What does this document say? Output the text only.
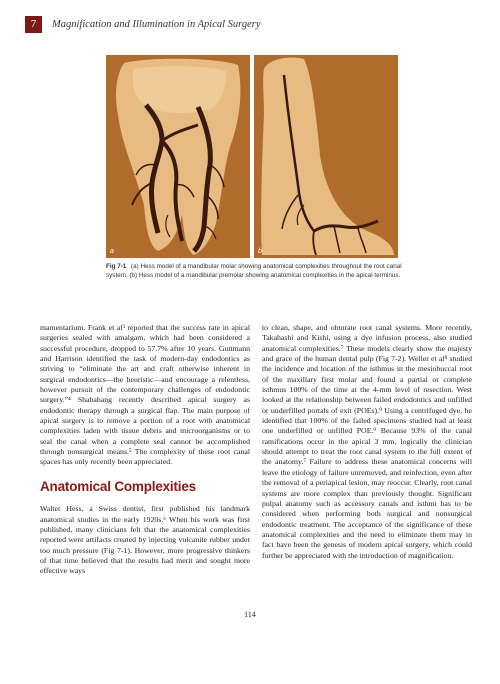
7	Magnification and Illumination in Apical Surgery
a	b
Fig 7-1 (a) Hess model of a mandibular molar showing anatomical complexities throughout the root canal system. (b) Hess model of a mandibular premolar showing anatomical complexities in the apical terminus.

mamentarium. Frank et al³ reported that the success rate in apical surgeries sealed with amalgam, which had been considered a successful procedure, dropped to 57.7% after 10 years. Guttmann and Harrison identified the task of modern-day endodontics as striving to “eliminate the art and craft otherwise inherent in surgical endodontics—the heuristic—and encourage a relentless, however pursuit of the contemporary challenges of endodontic surgery.”⁴ Shabahang recently described apical surgery as endodontic therapy through a surgical flap. The main purpose of apical surgery is to remove a portion of a root with anatomical complexities laden with tissue debris and microorganisms or to seal the canal when a complete seal cannot be accomplished through nonsurgical means.⁵ The complexity of these root canal spaces has only recently been appreciated.

Anatomical Complexities

Walter Hess, a Swiss dentist, first published his landmark anatomical studies in the early 1920s.⁶ When his work was first published, many clinicians felt that the anatomical complexities reported were artifacts created by injecting vulcanite rubber under too much pressure (Fig 7-1). However, more progressive thinkers of that time believed that the results had merit and sought more effective ways

to clean, shape, and obturate root canal systems. More recently, Takahashi and Kishi, using a dye infusion process, also studied anatomical complexities.⁷ These models clearly show the majesty and grace of the human dental pulp (Fig 7-2). Weller et al⁸ studied the incidence and location of the isthmus in the mesiobuccal root of the maxillary first molar and found a partial or complete isthmus 100% of the time at the 4-mm level of resection. West looked at the relationship between failed endodontics and unfilled or underfilled portals of exit (POEs).⁹ Using a centrifuged dye, he identified that 100% of the failed specimens studied had at least one underfilled or unfilled POE.⁹ Because 93% of the canal ramifications occur in the apical 3 mm, logically the clinician should attempt to treat the root canal system to the full extent of the anatomy.⁷ Failure to address these anatomical concerns will leave the etiology of failure unremoved, and reinfection, even after the removal of a periapical lesion, may reoccur. Clearly, root canal systems are more complex than previously thought. Significant pulpal anatomy such as accessory canals and isthmi has to be considered when performing both surgical and nonsurgical endodontic treatment. The acceptance of the significance of these anatomical complexities and the need to eliminate them may in fact have been the genesis of modern apical surgery, which could further be appreciated with the introduction of magnification.

114
